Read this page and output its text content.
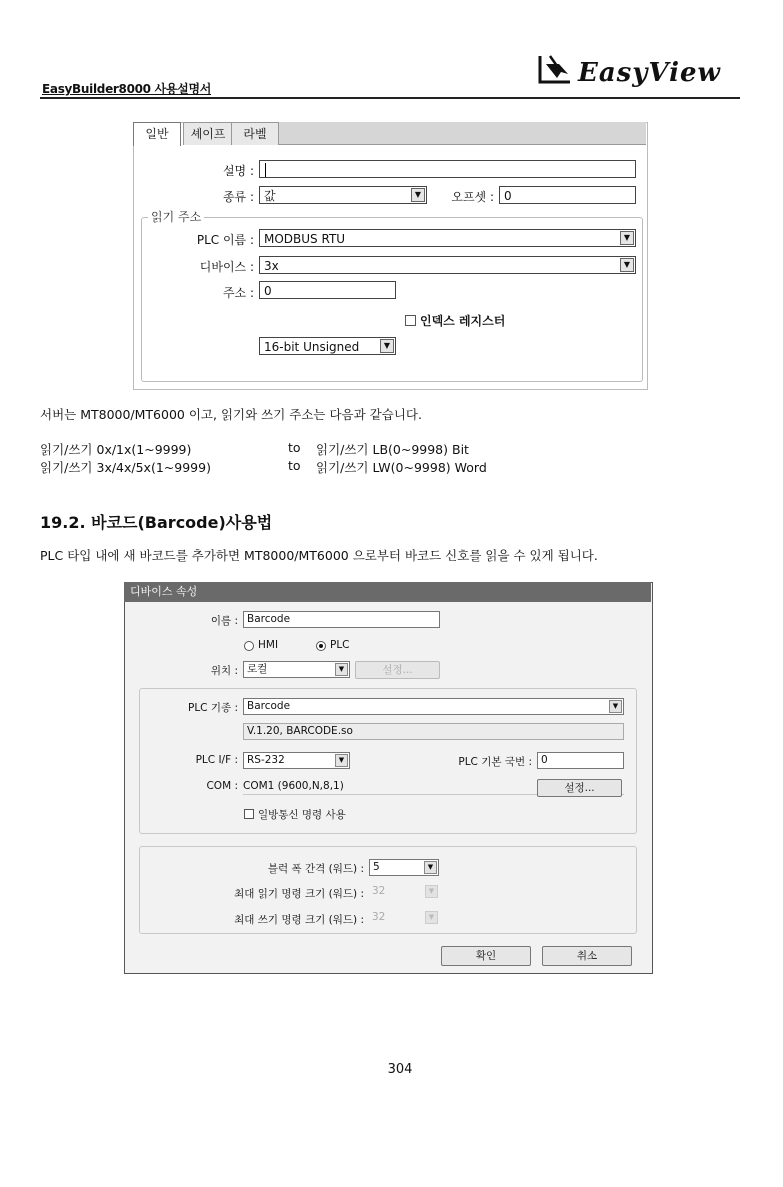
EasyBuilder8000 사용설명서
EasyView
일반	셰이프	라벨
설명 :
종류 : 값	▼	오프셋 : 0
읽기 주소
PLC 이름 : MODBUS RTU	▼
디바이스 : 3x	▼
주소 : 0
인덱스 레지스터
16-bit Unsigned	▼
서버는 MT8000/MT6000 이고, 읽기와 쓰기 주소는 다음과 같습니다.
읽기/쓰기 0x/1x(1~9999)	to 읽기/쓰기 LB(0~9998) Bit
읽기/쓰기 3x/4x/5x(1~9999)	to 읽기/쓰기 LW(0~9998) Word
19.2. 바코드(Barcode)사용법
PLC 타입 내에 새 바코드를 추가하면 MT8000/MT6000 으로부터 바코드 신호를 읽을 수 있게 됩니다.
디바이스 속성
이름 : Barcode
HMI	PLC
위치 : 로컬	▼	설정...
PLC 기종 : Barcode	▼
V.1.20, BARCODE.so
PLC I/F : RS-232	▼	PLC 기본 국번 : 0
COM : COM1 (9600,N,8,1)	설정...
일방통신 명령 사용
블럭 폭 간격 (워드) : 5	▼
최대 읽기 명령 크기 (워드) : 32	▼
최대 쓰기 명령 크기 (워드) : 32	▼
확인	취소
304
